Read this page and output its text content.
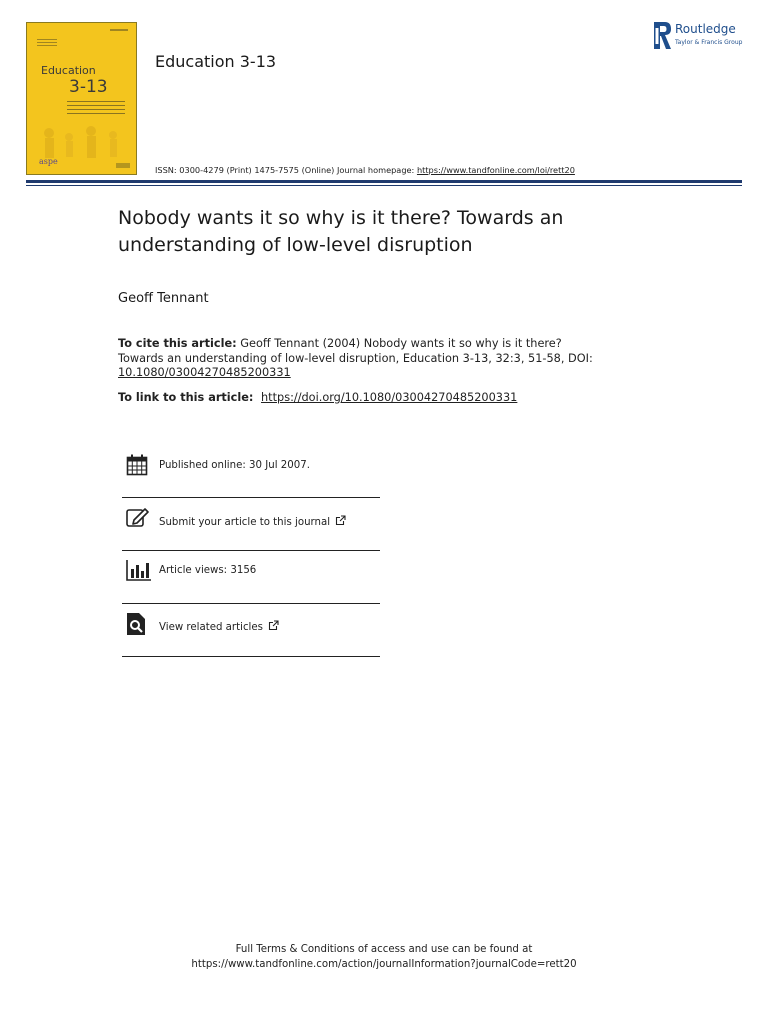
Education
3-13
aspe
Education 3-13
ISSN: 0300-4279 (Print) 1475-7575 (Online) Journal homepage: https://www.tandfonline.com/loi/rett20
Routledge
Taylor & Francis Group
Nobody wants it so why is it there? Towards an understanding of low-level disruption
Geoff Tennant
To cite this article: Geoff Tennant (2004) Nobody wants it so why is it there? Towards an understanding of low-level disruption, Education 3-13, 32:3, 51-58, DOI: 10.1080/03004270485200331
To link to this article: https://doi.org/10.1080/03004270485200331
Published online: 30 Jul 2007.
Submit your article to this journal
Article views: 3156
View related articles
Full Terms & Conditions of access and use can be found at
https://www.tandfonline.com/action/journalInformation?journalCode=rett20
